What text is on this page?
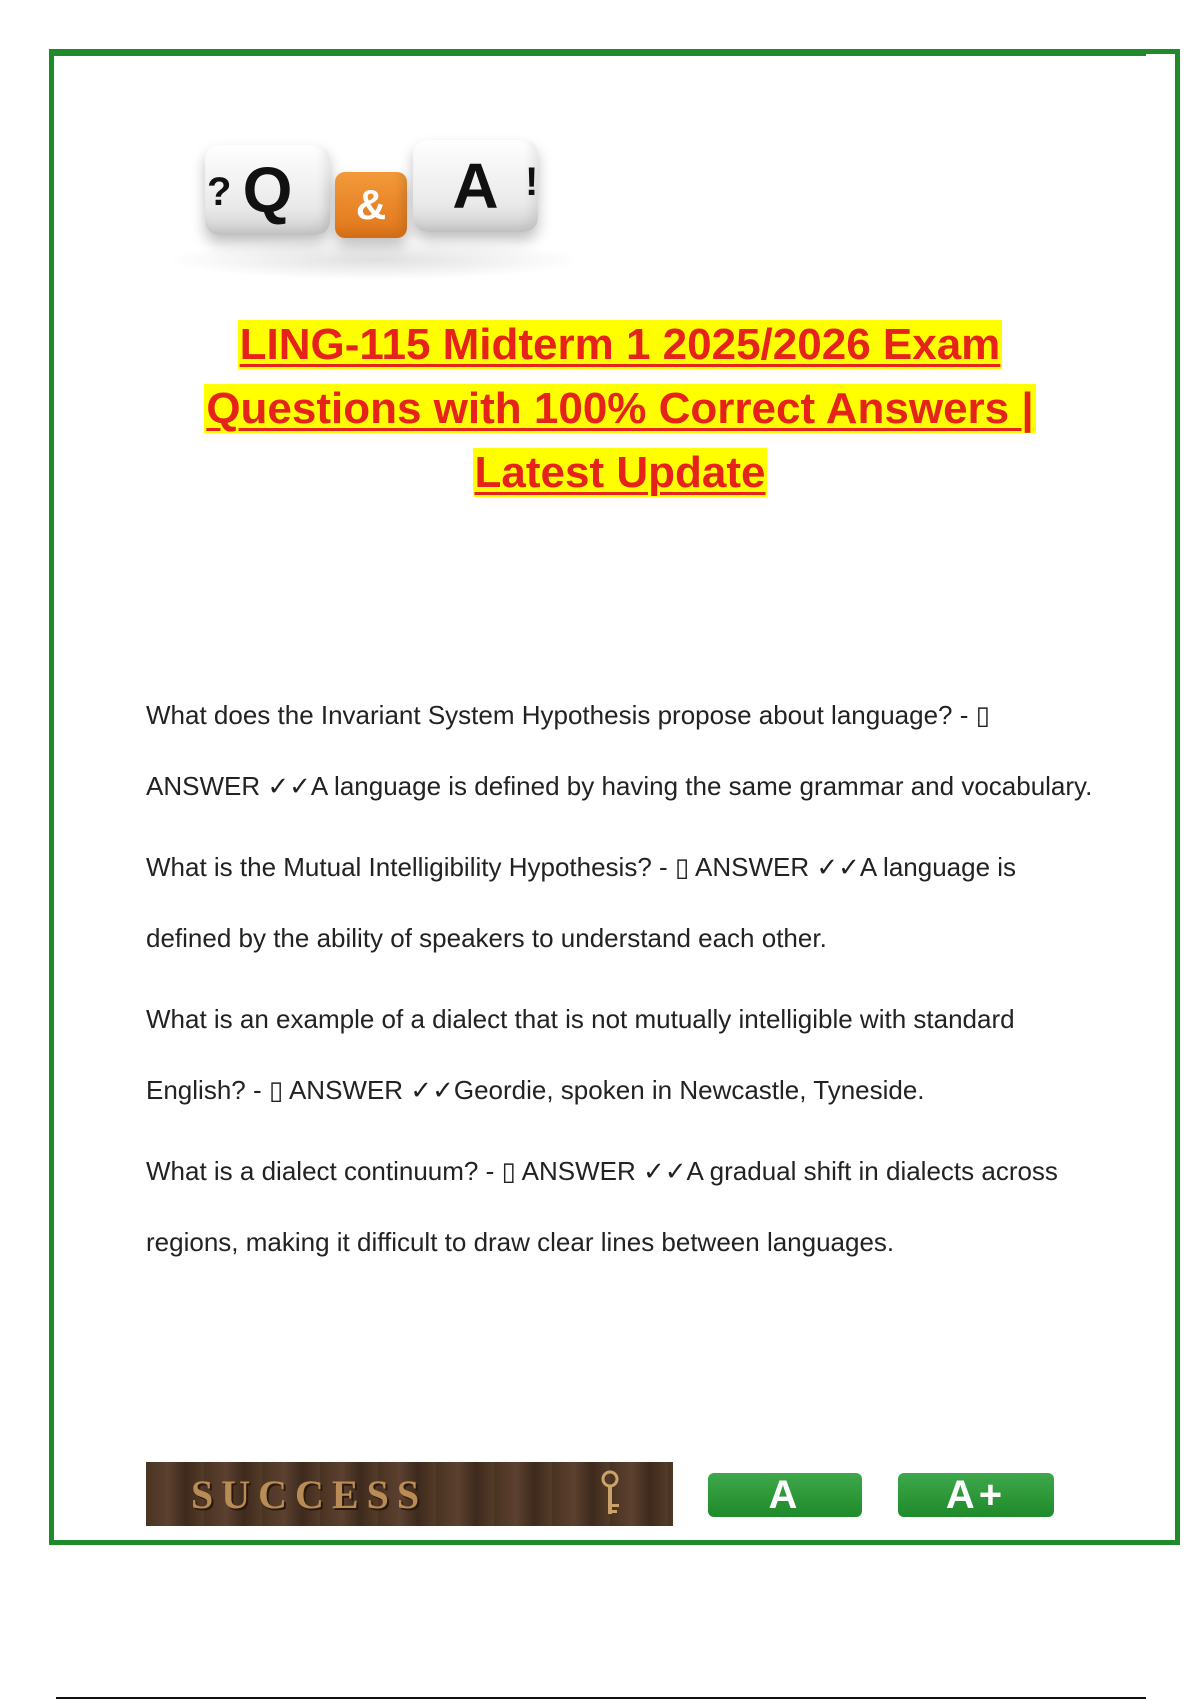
Q & A
?	!
LING-115 Midterm 1 2025/2026 Exam
Questions with 100% Correct Answers |
Latest Update
What does the Invariant System Hypothesis propose about language? - ▯ ANSWER ✓✓A language is defined by having the same grammar and vocabulary.
What is the Mutual Intelligibility Hypothesis? - ▯ ANSWER ✓✓A language is defined by the ability of speakers to understand each other.
What is an example of a dialect that is not mutually intelligible with standard English? - ▯ ANSWER ✓✓Geordie, spoken in Newcastle, Tyneside.
What is a dialect continuum? - ▯ ANSWER ✓✓A gradual shift in dialects across regions, making it difficult to draw clear lines between languages.
SUCCESS	A	A+
